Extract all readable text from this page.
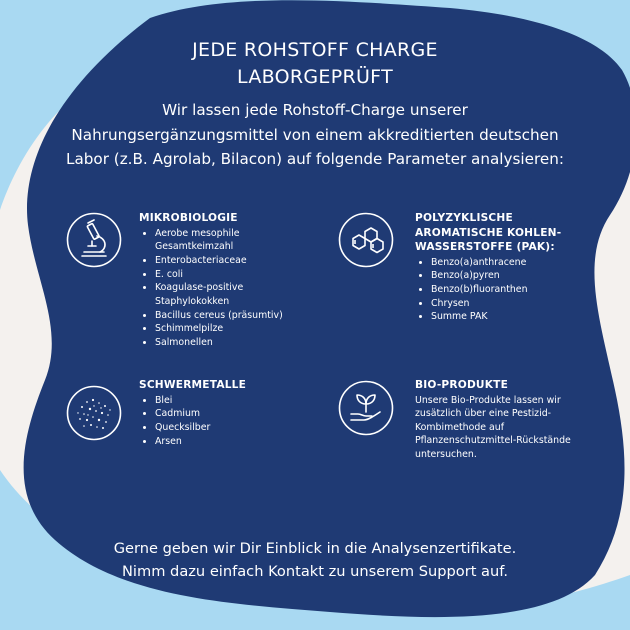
JEDE ROHSTOFF CHARGE
LABORGEPRÜFT
Wir lassen jede Rohstoff-Charge unserer
Nahrungsergänzungsmittel von einem akkreditierten deutschen
Labor (z.B. Agrolab, Bilacon) auf folgende Parameter analysieren:
MIKROBIOLOGIE
• Aerobe mesophile Gesamtkeimzahl
• Enterobacteriaceae
• E. coli
• Koagulase-positive Staphylokokken
• Bacillus cereus (präsumtiv)
• Schimmelpilze
• Salmonellen
POLYZYKLISCHE
AROMATISCHE KOHLEN-
WASSERSTOFFE (PAK):
• Benzo(a)anthracene
• Benzo(a)pyren
• Benzo(b)fluoranthen
• Chrysen
• Summe PAK
SCHWERMETALLE
• Blei
• Cadmium
• Quecksilber
• Arsen
BIO-PRODUKTE
Unsere Bio-Produkte lassen wir
zusätzlich über eine Pestizid-
Kombimethode auf
Pflanzenschutzmittel-Rückstände
untersuchen.
Gerne geben wir Dir Einblick in die Analysenzertifikate.
Nimm dazu einfach Kontakt zu unserem Support auf.
